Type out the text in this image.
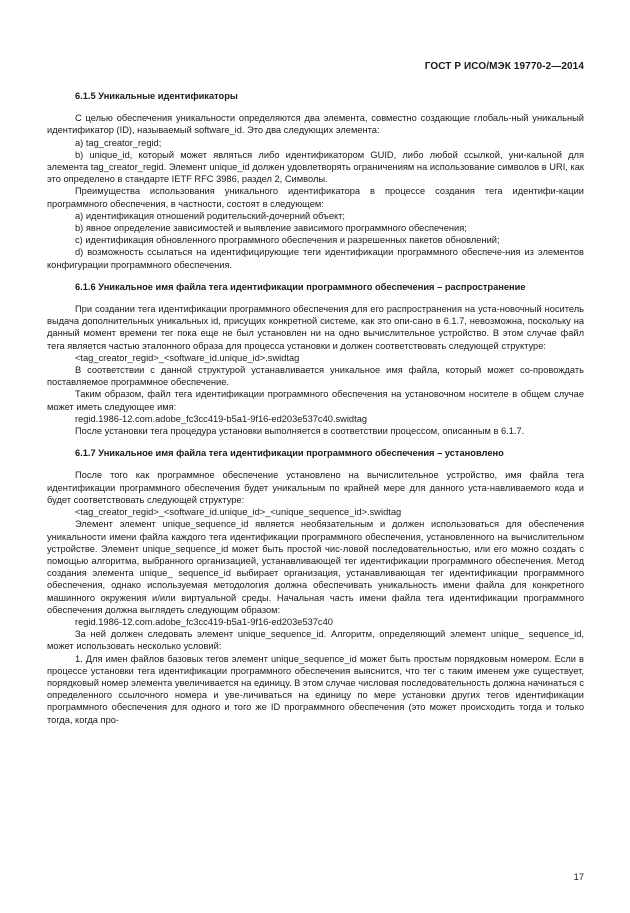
ГОСТ Р ИСО/МЭК 19770-2—2014

6.1.5 Уникальные идентификаторы

С целью обеспечения уникальности определяются два элемента, совместно создающие глобаль-ный уникальный идентификатор (ID), называемый software_id. Это два следующих элемента:

a) tag_creator_regid;

b) unique_id, который может являться либо идентификатором GUID, либо любой ссылкой, уни-кальной для элемента tag_creator_regid. Элемент unique_id должен удовлетворять ограничениям на использование символов в URI, как это определено в стандарте IETF RFC 3986, раздел 2, Символы.

Преимущества использования уникального идентификатора в процессе создания тега идентифи-кации программного обеспечения, в частности, состоят в следующем:

a) идентификация отношений родительский-дочерний объект;

b) явное определение зависимостей и выявление зависимого программного обеспечения;

c) идентификация обновленного программного обеспечения и разрешенных пакетов обновлений;

d) возможность ссылаться на идентифицирующие теги идентификации программного обеспече-ния из элементов конфигурации программного обеспечения.

6.1.6 Уникальное имя файла тега идентификации программного обеспечения – распространение

При создании тега идентификации программного обеспечения для его распространения на уста-новочный носитель выдача дополнительных уникальных id, присущих конкретной системе, как это опи-сано в 6.1.7, невозможна, поскольку на данный момент времени тег пока еще не был установлен ни на одно вычислительное устройство. В этом случае файл тега является частью эталонного образа для процесса установки и должен соответствовать следующей структуре:

<tag_creator_regid>_<software_id.unique_id>.swidtag

В соответствии с данной структурой устанавливается уникальное имя файла, который может со-провождать поставляемое программное обеспечение.

Таким образом, файл тега идентификации программного обеспечения на установочном носителе в общем случае может иметь следующее имя:

regid.1986-12.com.adobe_fc3cc419-b5a1-9f16-ed203e537c40.swidtag

После установки тега процедура установки выполняется в соответствии процессом, описанным в 6.1.7.

6.1.7 Уникальное имя файла тега идентификации программного обеспечения – установлено

После того как программное обеспечение установлено на вычислительное устройство, имя файла тега идентификации программного обеспечения будет уникальным по крайней мере для данного уста-навливаемого кода и будет соответствовать следующей структуре:

<tag_creator_regid>_<software_id.unique_id>_<unique_sequence_id>.swidtag

Элемент элемент unique_sequence_id является необязательным и должен использоваться для обеспечения уникальности имени файла каждого тега идентификации программного обеспечения, установленного на вычислительном устройстве. Элемент unique_sequence_id может быть простой чис-ловой последовательностью, или его можно создать с помощью алгоритма, выбранного организацией, устанавливающей тег идентификации программного обеспечения. Метод создания элемента unique_ sequence_id выбирает организация, устанавливающая тег идентификации программного обеспечения, однако используемая методология должна обеспечивать уникальность имени файла для конкретного машинного окружения и/или виртуальной среды. Начальная часть имени файла тега идентификации программного обеспечения должна выглядеть следующим образом:

regid.1986-12.com.adobe_fc3cc419-b5a1-9f16-ed203e537c40

За ней должен следовать элемент unique_sequence_id. Алгоритм, определяющий элемент unique_ sequence_id, может использовать несколько условий:

1. Для имен файлов базовых тегов элемент unique_sequence_id может быть простым порядковым номером. Если в процессе установки тега идентификации программного обеспечения выяснится, что тег с таким именем уже существует, порядковый номер элемента увеличивается на единицу. В этом случае числовая последовательность должна начинаться с определенного ссылочного номера и уве-личиваться на единицу по мере установки других тегов идентификации программного обеспечения для одного и того же ID программного обеспечения (это может происходить тогда и только тогда, когда про-

17
